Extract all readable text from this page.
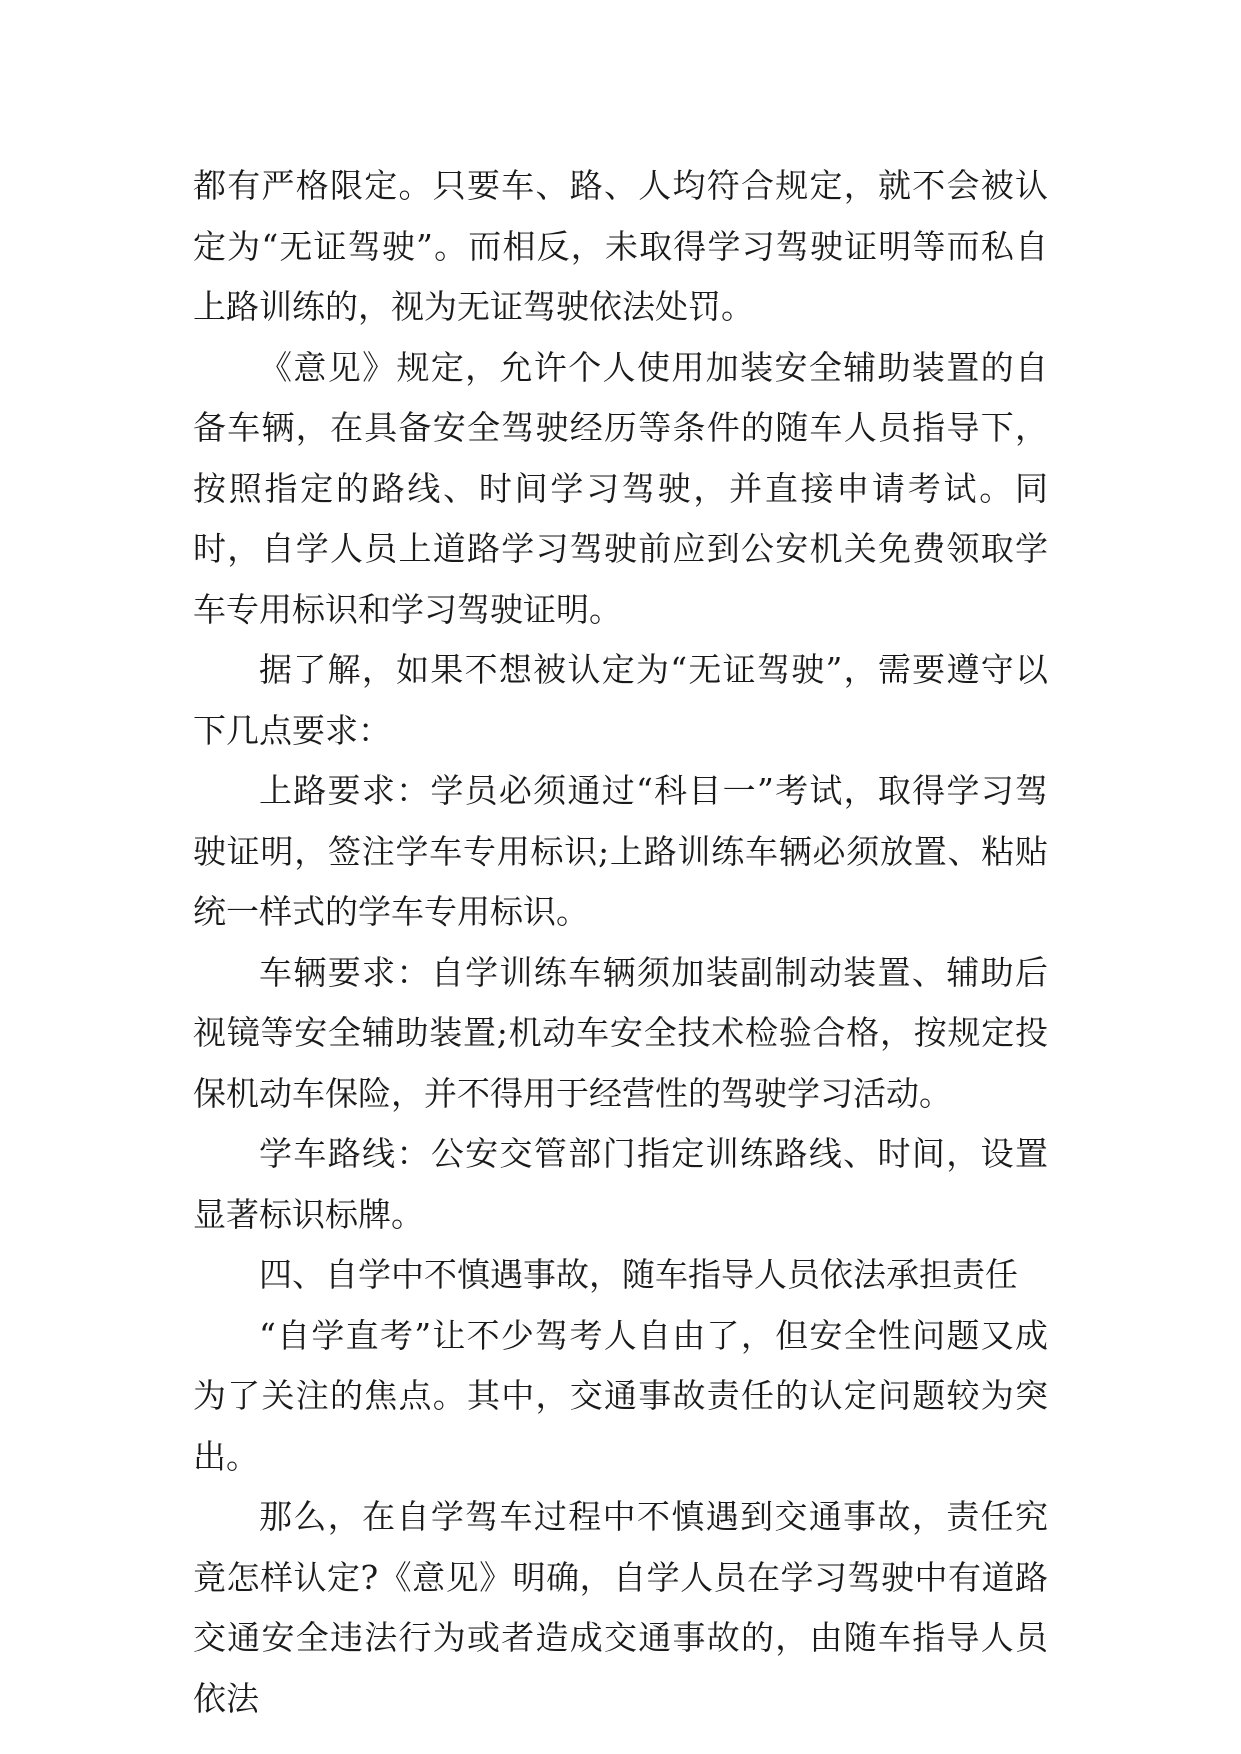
都有严格限定。只要车、路、人均符合规定，就不会被认定为“无证驾驶”。而相反，未取得学习驾驶证明等而私自上路训练的，视为无证驾驶依法处罚。

《意见》规定，允许个人使用加装安全辅助装置的自备车辆，在具备安全驾驶经历等条件的随车人员指导下，按照指定的路线、时间学习驾驶，并直接申请考试。同时，自学人员上道路学习驾驶前应到公安机关免费领取学车专用标识和学习驾驶证明。

据了解，如果不想被认定为“无证驾驶”，需要遵守以下几点要求：

上路要求：学员必须通过“科目一”考试，取得学习驾驶证明，签注学车专用标识;上路训练车辆必须放置、粘贴统一样式的学车专用标识。

车辆要求：自学训练车辆须加装副制动装置、辅助后视镜等安全辅助装置;机动车安全技术检验合格，按规定投保机动车保险，并不得用于经营性的驾驶学习活动。

学车路线：公安交管部门指定训练路线、时间，设置显著标识标牌。

四、自学中不慎遇事故，随车指导人员依法承担责任

“自学直考”让不少驾考人自由了，但安全性问题又成为了关注的焦点。其中，交通事故责任的认定问题较为突出。

那么，在自学驾车过程中不慎遇到交通事故，责任究竟怎样认定?《意见》明确，自学人员在学习驾驶中有道路交通安全违法行为或者造成交通事故的，由随车指导人员依法
